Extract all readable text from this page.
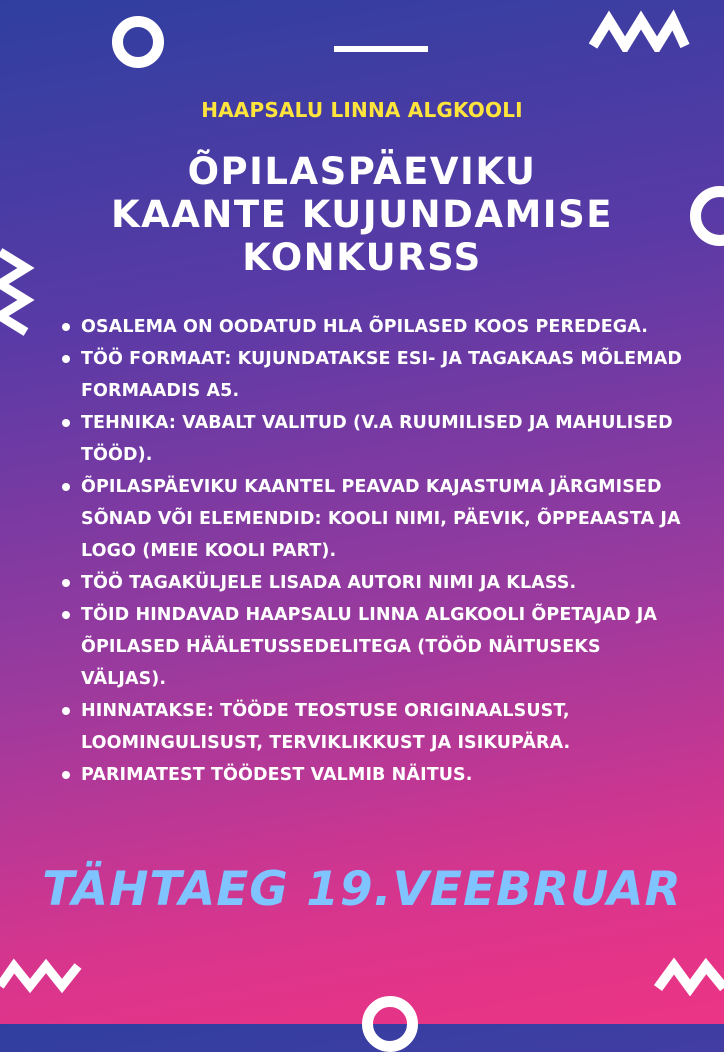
HAAPSALU LINNA ALGKOOLI
ÕPILASPÄEVIKU
KAANTE KUJUNDAMISE
KONKURSS
OSALEMA ON OODATUD HLA ÕPILASED KOOS PEREDEGA.
TÖÖ FORMAAT: KUJUNDATAKSE ESI- JA TAGAKAAS MÕLEMAD FORMAADIS A5.
TEHNIKA: VABALT VALITUD (V.A RUUMILISED JA MAHULISED TÖÖD).
ÕPILASPÄEVIKU KAANTEL PEAVAD KAJASTUMA JÄRGMISED SÕNAD VÕI ELEMENDID: KOOLI NIMI, PÄEVIK, ÕPPEAASTA JA LOGO (MEIE KOOLI PART).
TÖÖ TAGAKÜLJELE LISADA AUTORI NIMI JA KLASS.
TÖID HINDAVAD HAAPSALU LINNA ALGKOOLI ÕPETAJAD JA ÕPILASED HÄÄLETUSSEDELITEGA (TÖÖD NÄITUSEKS VÄLJAS).
HINNATAKSE: TÖÖDE TEOSTUSE ORIGINAALSUST, LOOMINGULISUST, TERVIKLIKKUST JA ISIKUPÄRA.
PARIMATEST TÖÖDEST VALMIB NÄITUS.
TÄHTAEG 19.VEEBRUAR
